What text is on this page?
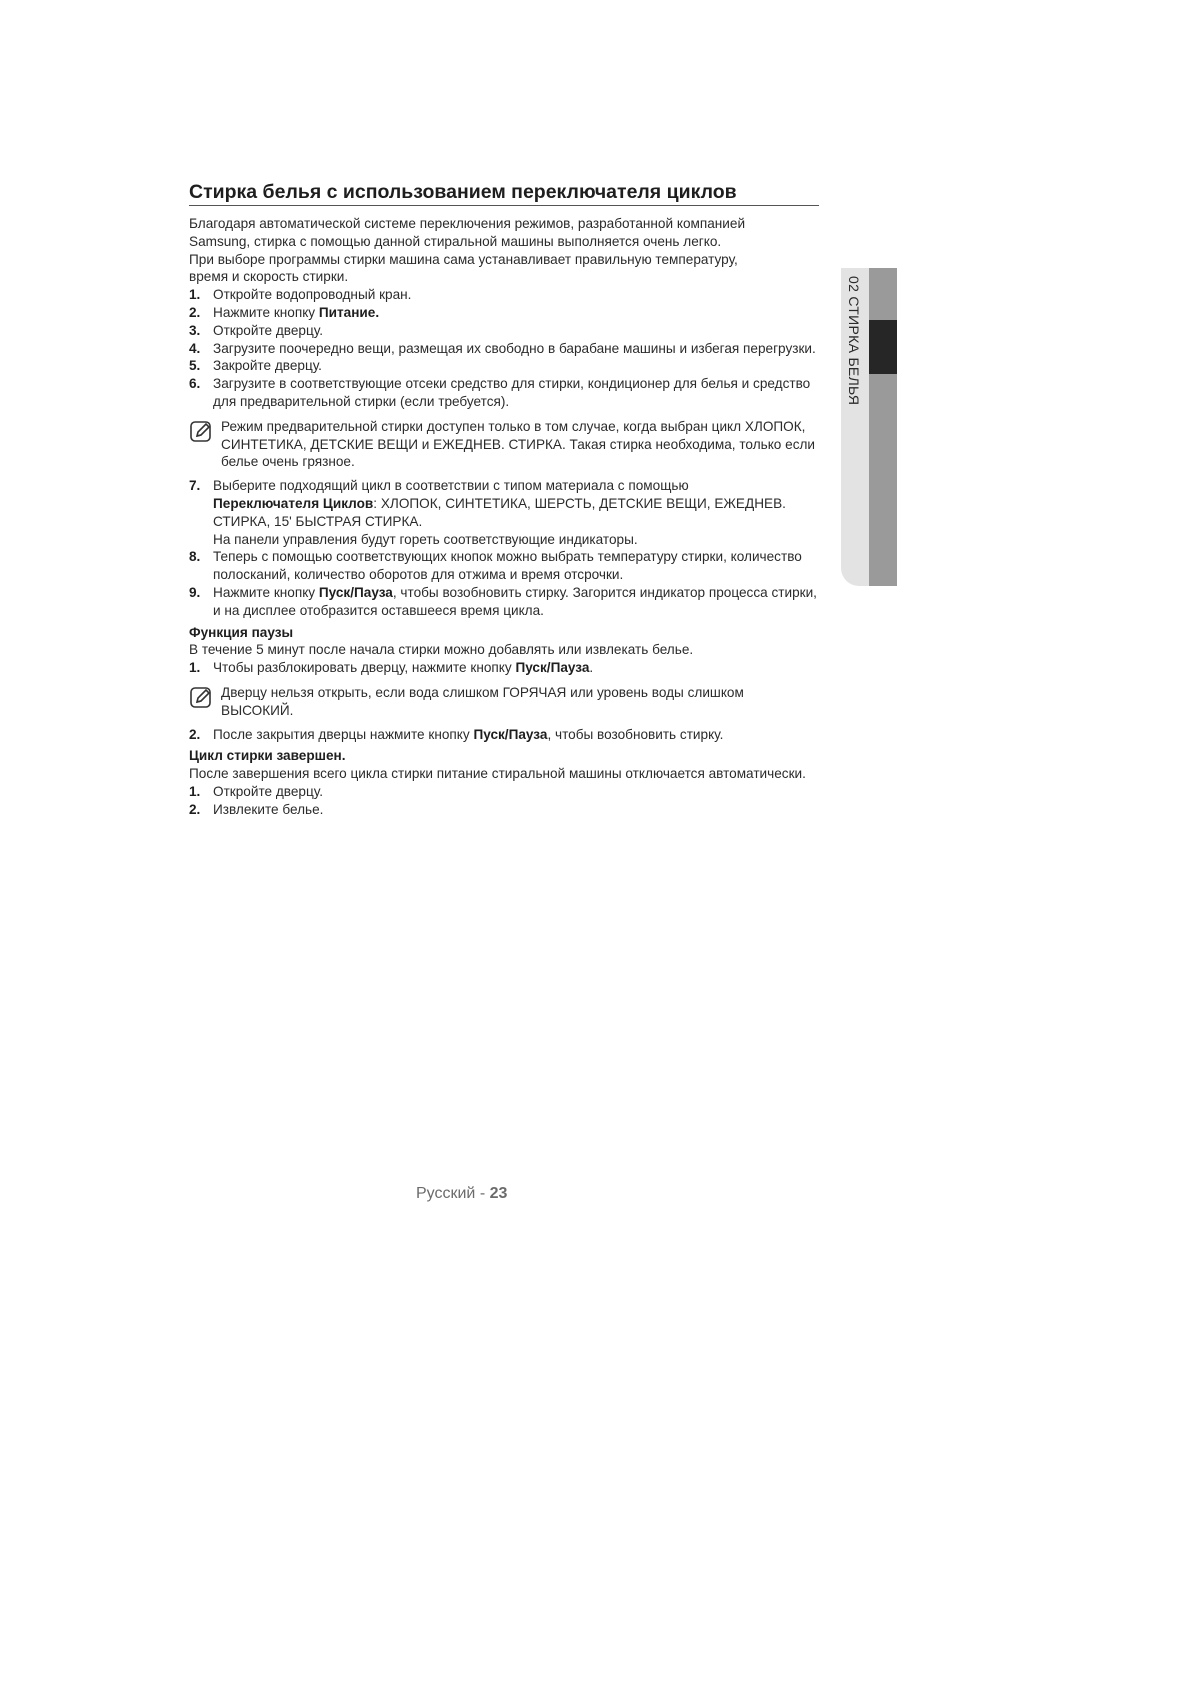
Стирка белья с использованием переключателя циклов
Благодаря автоматической системе переключения режимов, разработанной компанией
Samsung, стирка с помощью данной стиральной машины выполняется очень легко.
При выборе программы стирки машина сама устанавливает правильную температуру,
время и скорость стирки.
1. Откройте водопроводный кран.
2. Нажмите кнопку Питание.
3. Откройте дверцу.
4. Загрузите поочередно вещи, размещая их свободно в барабане машины и избегая перегрузки.
5. Закройте дверцу.
6. Загрузите в соответствующие отсеки средство для стирки, кондиционер для белья и средство для предварительной стирки (если требуется).
Режим предварительной стирки доступен только в том случае, когда выбран цикл ХЛОПОК, СИНТЕТИКА, ДЕТСКИЕ ВЕЩИ и ЕЖЕДНЕВ. СТИРКА. Такая стирка необходима, только если белье очень грязное.
7. Выберите подходящий цикл в соответствии с типом материала с помощью
Переключателя Циклов: ХЛОПОК, СИНТЕТИКА, ШЕРСТЬ, ДЕТСКИЕ ВЕЩИ, ЕЖЕДНЕВ. СТИРКА, 15' БЫСТРАЯ СТИРКА.
На панели управления будут гореть соответствующие индикаторы.
8. Теперь с помощью соответствующих кнопок можно выбрать температуру стирки, количество полосканий, количество оборотов для отжима и время отсрочки.
9. Нажмите кнопку Пуск/Пауза, чтобы возобновить стирку. Загорится индикатор процесса стирки, и на дисплее отобразится оставшееся время цикла.
Функция паузы
В течение 5 минут после начала стирки можно добавлять или извлекать белье.
1. Чтобы разблокировать дверцу, нажмите кнопку Пуск/Пауза.
Дверцу нельзя открыть, если вода слишком ГОРЯЧАЯ или уровень воды слишком ВЫСОКИЙ.
2. После закрытия дверцы нажмите кнопку Пуск/Пауза, чтобы возобновить стирку.
Цикл стирки завершен.
После завершения всего цикла стирки питание стиральной машины отключается автоматически.
1. Откройте дверцу.
2. Извлеките белье.
Русский - 23
02 СТИРКА БЕЛЬЯ
